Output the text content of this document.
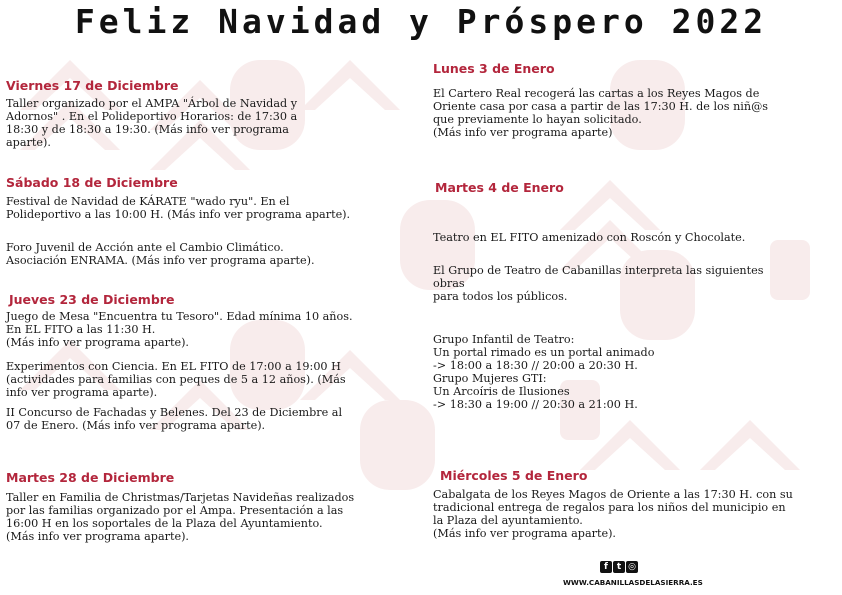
Feliz Navidad y Próspero 2022
Viernes 17 de Diciembre
Taller organizado por el AMPA "Árbol de Navidad y
Adornos" . En el Polideportivo Horarios: de 17:30 a
18:30 y de 18:30 a 19:30. (Más info ver programa
aparte).
Sábado 18 de Diciembre
Festival de Navidad de KÁRATE "wado ryu". En el
Polideportivo a las 10:00 H. (Más info ver programa aparte).
Foro Juvenil de Acción ante el Cambio Climático.
Asociación ENRAMA. (Más info ver programa aparte).
Jueves 23 de Diciembre
Juego de Mesa "Encuentra tu Tesoro". Edad mínima 10 años.
En EL FITO a las 11:30 H.
(Más info ver programa aparte).
Experimentos con Ciencia. En EL FITO de 17:00 a 19:00 H
(actividades para familias con peques de 5 a 12 años). (Más
info ver programa aparte).
II Concurso de Fachadas y Belenes. Del 23 de Diciembre al
07 de Enero. (Más info ver programa aparte).
Martes 28 de Diciembre
Taller en Familia de Christmas/Tarjetas Navideñas realizados
por las familias organizado por el Ampa. Presentación a las
16:00 H en los soportales de la Plaza del Ayuntamiento.
(Más info ver programa aparte).
Lunes 3 de Enero
El Cartero Real recogerá las cartas a los Reyes Magos de
Oriente casa por casa a partir de las 17:30 H. de los niñ@s
que previamente lo hayan solicitado.
(Más info ver programa aparte)
Martes 4 de Enero
Teatro en EL FITO amenizado con Roscón y Chocolate.
El Grupo de Teatro de Cabanillas interpreta las siguientes
obras
para todos los públicos.
Grupo Infantil de Teatro:
Un portal rimado es un portal animado
-> 18:00 a 18:30 // 20:00 a 20:30 H.
Grupo Mujeres GTI:
Un Arcoíris de Ilusiones
-> 18:30 a 19:00 // 20:30 a 21:00 H.
Miércoles 5 de Enero
Cabalgata de los Reyes Magos de Oriente a las 17:30 H. con su
tradicional entrega de regalos para los niños del municipio en
la Plaza del ayuntamiento.
(Más info ver programa aparte).
f t ◎
WWW.CABANILLASDELASIERRA.ES
